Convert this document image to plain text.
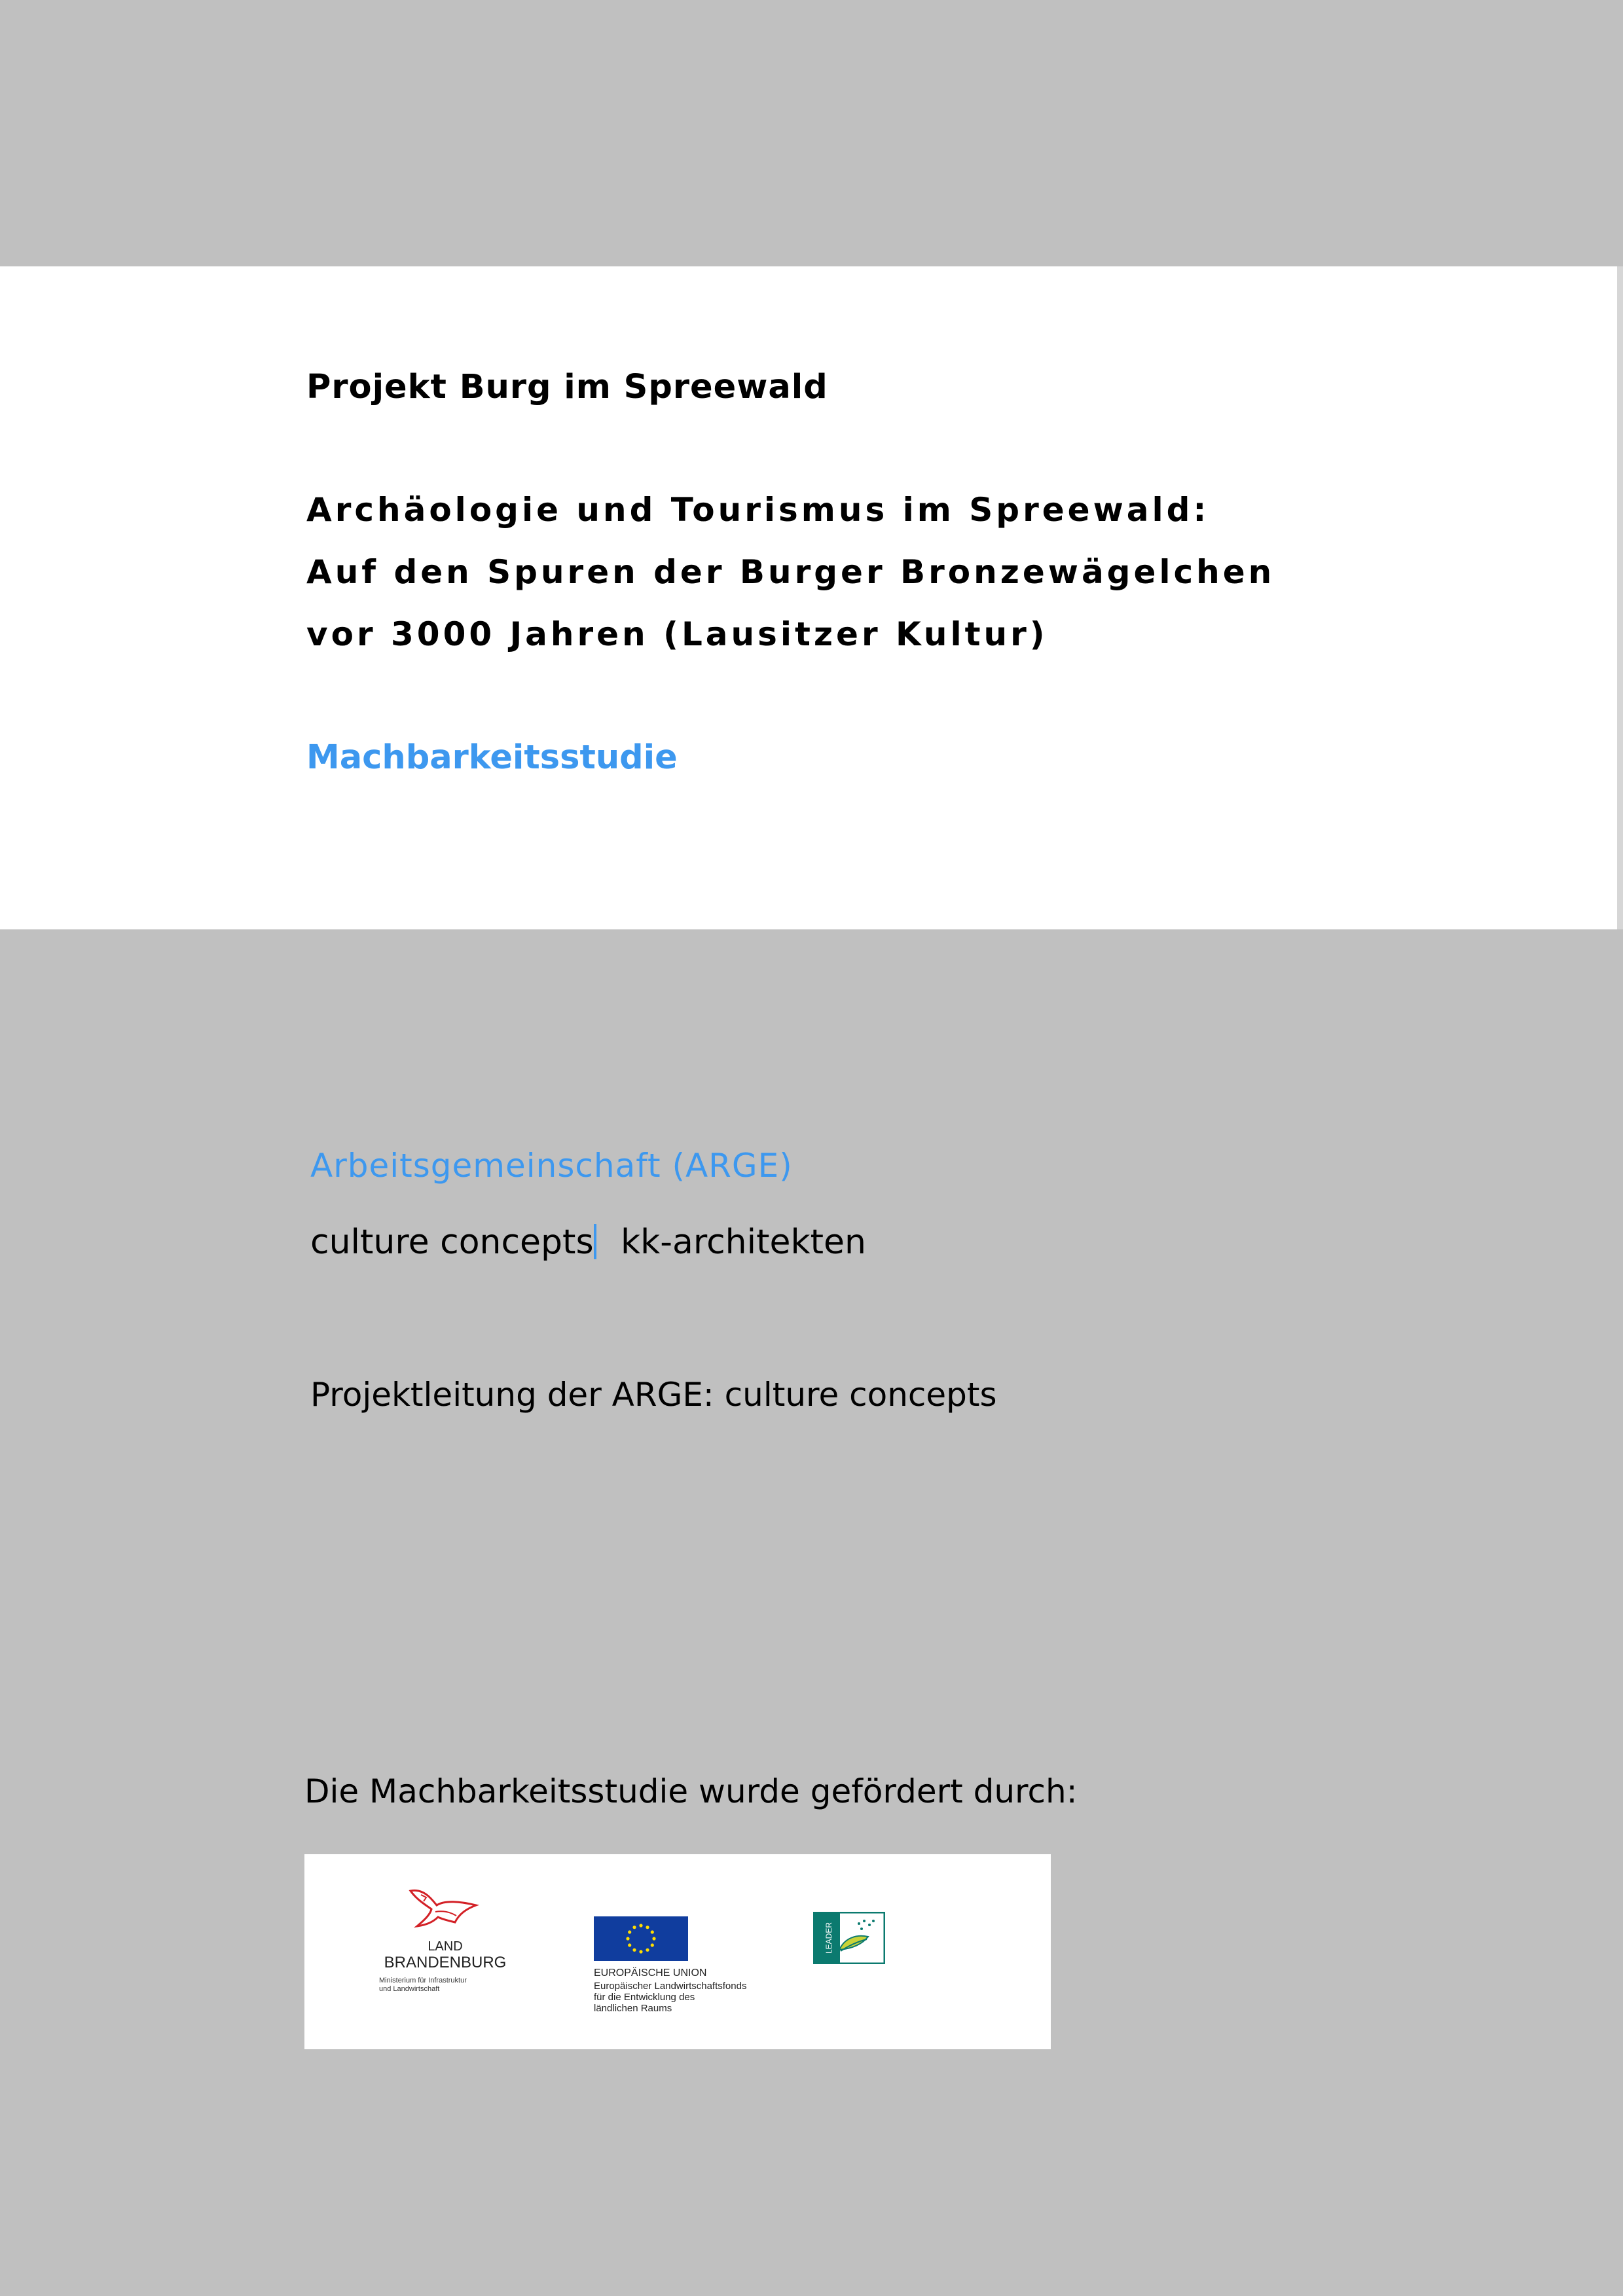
Projekt Burg im Spreewald
Archäologie und Tourismus im Spreewald:
Auf den Spuren der Burger Bronzewägelchen
vor 3000 Jahren (Lausitzer Kultur)
Machbarkeitsstudie
Arbeitsgemeinschaft (ARGE)
culture concepts kk-architekten
Projektleitung der ARGE: culture concepts
Die Machbarkeitsstudie wurde gefördert durch:
LAND
BRANDENBURG
Ministerium für Infrastruktur
und Landwirtschaft
EUROPÄISCHE UNION
Europäischer Landwirtschaftsfonds
für die Entwicklung des
ländlichen Raums
LEADER
